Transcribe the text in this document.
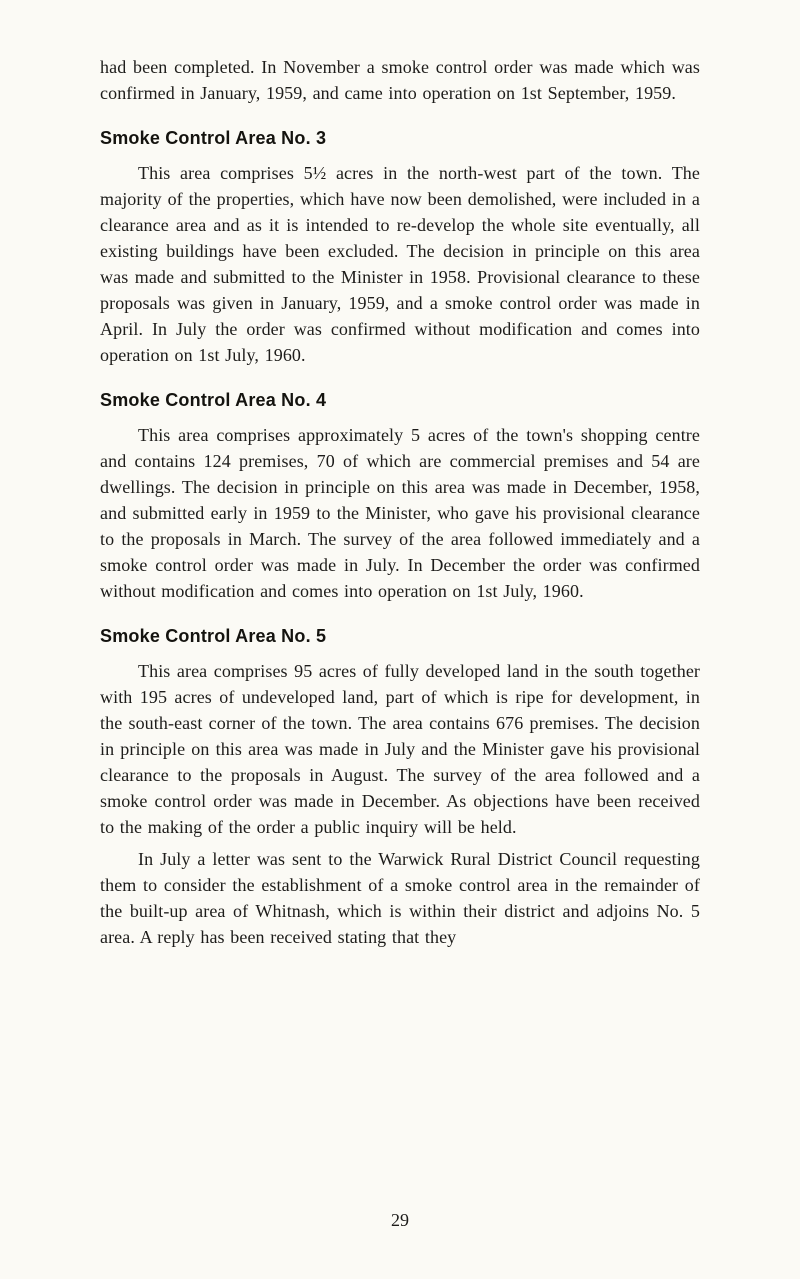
had been completed. In November a smoke control order was made which was confirmed in January, 1959, and came into operation on 1st September, 1959.

Smoke Control Area No. 3

This area comprises 5½ acres in the north-west part of the town. The majority of the properties, which have now been demolished, were included in a clearance area and as it is intended to re-develop the whole site eventually, all existing buildings have been excluded. The decision in principle on this area was made and submitted to the Minister in 1958. Provisional clearance to these proposals was given in January, 1959, and a smoke control order was made in April. In July the order was confirmed without modification and comes into operation on 1st July, 1960.

Smoke Control Area No. 4

This area comprises approximately 5 acres of the town's shopping centre and contains 124 premises, 70 of which are commercial premises and 54 are dwellings. The decision in principle on this area was made in December, 1958, and submitted early in 1959 to the Minister, who gave his provisional clearance to the proposals in March. The survey of the area followed immediately and a smoke control order was made in July. In December the order was confirmed without modification and comes into operation on 1st July, 1960.

Smoke Control Area No. 5

This area comprises 95 acres of fully developed land in the south together with 195 acres of undeveloped land, part of which is ripe for development, in the south-east corner of the town. The area contains 676 premises. The decision in principle on this area was made in July and the Minister gave his provisional clearance to the proposals in August. The survey of the area followed and a smoke control order was made in December. As objections have been received to the making of the order a public inquiry will be held.

In July a letter was sent to the Warwick Rural District Council requesting them to consider the establishment of a smoke control area in the remainder of the built-up area of Whitnash, which is within their district and adjoins No. 5 area. A reply has been received stating that they

29
